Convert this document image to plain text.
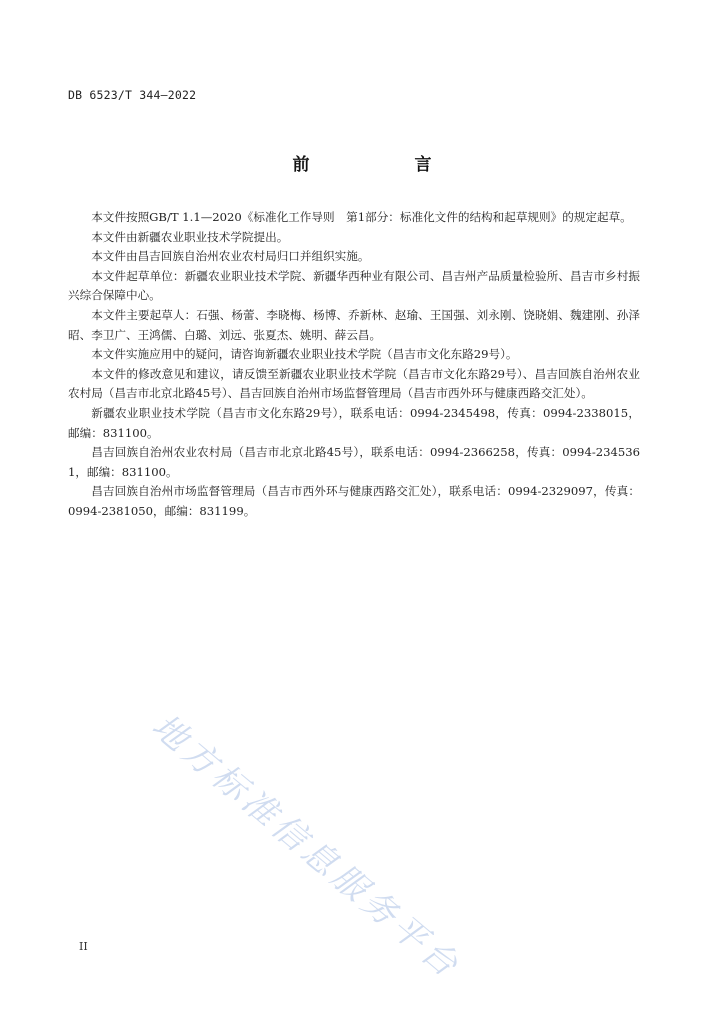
DB 6523/T 344—2022
前　言

本文件按照GB/T 1.1—2020《标准化工作导则　第1部分：标准化文件的结构和起草规则》的规定起草。

本文件由新疆农业职业技术学院提出。

本文件由昌吉回族自治州农业农村局归口并组织实施。

本文件起草单位：新疆农业职业技术学院、新疆华西种业有限公司、昌吉州产品质量检验所、昌吉市乡村振兴综合保障中心。

本文件主要起草人：石强、杨蕾、李晓梅、杨博、乔新林、赵瑜、王国强、刘永刚、饶晓娟、魏建刚、孙泽昭、李卫广、王鸿儒、白璐、刘远、张夏杰、姚明、薛云昌。

本文件实施应用中的疑问，请咨询新疆农业职业技术学院（昌吉市文化东路29号）。

本文件的修改意见和建议，请反馈至新疆农业职业技术学院（昌吉市文化东路29号）、昌吉回族自治州农业农村局（昌吉市北京北路45号）、昌吉回族自治州市场监督管理局（昌吉市西外环与健康西路交汇处）。

新疆农业职业技术学院（昌吉市文化东路29号），联系电话：0994-2345498，传真：0994-2338015，邮编：831100。

昌吉回族自治州农业农村局（昌吉市北京北路45号），联系电话：0994-2366258，传真：0994-2345361，邮编：831100。

昌吉回族自治州市场监督管理局（昌吉市西外环与健康西路交汇处），联系电话：0994-2329097，传真：0994-2381050，邮编：831199。

地方标准信息服务平台
II
